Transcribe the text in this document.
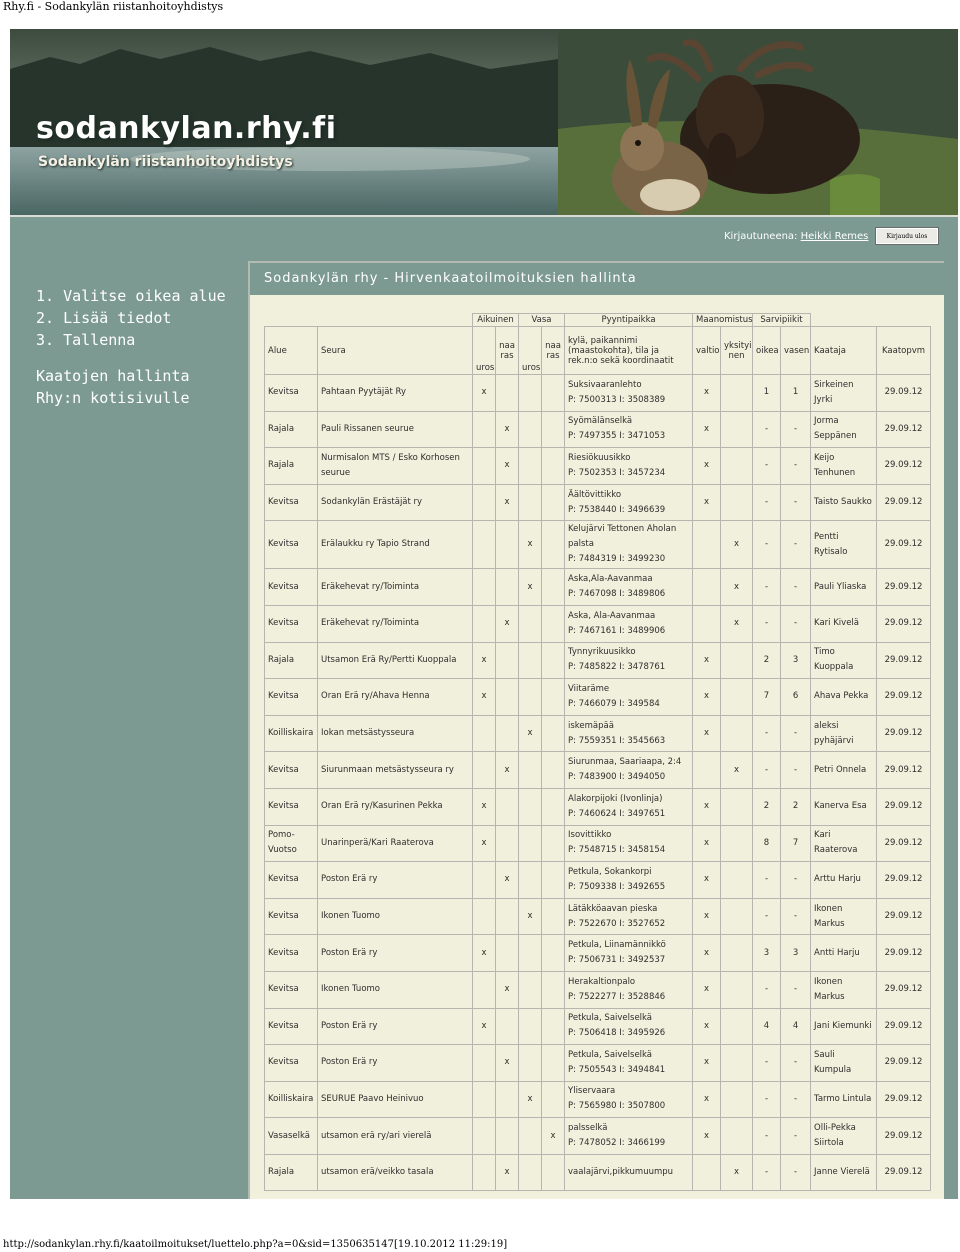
Rhy.fi - Sodankylän riistanhoitoyhdistys
sodankylan.rhy.fi
Sodankylän riistanhoitoyhdistys
Kirjautuneena: Heikki Remes	Kirjaudu ulos
1. Valitse oikea alue
2. Lisää tiedot
3. Tallenna
Kaatojen hallinta
Rhy:n kotisivulle
Sodankylän rhy - Hirvenkaatoilmoituksien hallinta
		Aikuinen		Vasa		Pyyntipaikka	Maanomistus		Sarvipiikit			
Alue	Seura	uros	naa
ras	uros	naa
ras	kylä, paikannimi
(maastokohta), tila ja
rek.n:o sekä koordinaatit	valtio	yksityi
nen	oikea	vasen	Kaataja	Kaatopvm
Kevitsa	Pahtaan Pyytäjät Ry	x				Suksivaaranlehto
P: 7500313 I: 3508389	x		1	1	Sirkeinen Jyrki	29.09.12
Rajala	Pauli Rissanen seurue		x			Syömälänselkä
P: 7497355 I: 3471053	x		-	-	Jorma Seppänen	29.09.12
Rajala	Nurmisalon MTS / Esko Korhosen seurue		x			Riesiökuusikko
P: 7502353 I: 3457234	x		-	-	Keijo Tenhunen	29.09.12
Kevitsa	Sodankylän Erästäjät ry		x			Äältövittikko
P: 7538440 I: 3496639	x		-	-	Taisto Saukko	29.09.12
Kevitsa	Erälaukku ry Tapio Strand			x		Kelujärvi Tettonen Aholan palsta
P: 7484319 I: 3499230		x	-	-	Pentti Rytisalo	29.09.12
Kevitsa	Eräkehevat ry/Toiminta			x		Aska,Ala-Aavanmaa
P: 7467098 I: 3489806		x	-	-	Pauli Yliaska	29.09.12
Kevitsa	Eräkehevat ry/Toiminta		x			Aska, Ala-Aavanmaa
P: 7467161 I: 3489906		x	-	-	Kari Kivelä	29.09.12
Rajala	Utsamon Erä Ry/Pertti Kuoppala	x				Tynnyrikuusikko
P: 7485822 I: 3478761	x		2	3	Timo Kuoppala	29.09.12
Kevitsa	Oran Erä ry/Ahava Henna	x				Viitaräme
P: 7466079 I: 349584	x		7	6	Ahava Pekka	29.09.12
Koilliskaira	Iokan metsästysseura			x		iskemäpää
P: 7559351 I: 3545663	x		-	-	aleksi pyhäjärvi	29.09.12
Kevitsa	Siurunmaan metsästysseura ry		x			Siurunmaa, Saariaapa, 2:4
P: 7483900 I: 3494050		x	-	-	Petri Onnela	29.09.12
Kevitsa	Oran Erä ry/Kasurinen Pekka	x				Alakorpijoki (Ivonlinja)
P: 7460624 I: 3497651	x		2	2	Kanerva Esa	29.09.12
Pomo-Vuotso	Unarinperä/Kari Raaterova	x				Isovittikko
P: 7548715 I: 3458154	x		8	7	Kari Raaterova	29.09.12
Kevitsa	Poston Erä ry		x			Petkula, Sokankorpi
P: 7509338 I: 3492655	x		-	-	Arttu Harju	29.09.12
Kevitsa	Ikonen Tuomo			x		Lätäkköaavan pieska
P: 7522670 I: 3527652	x		-	-	Ikonen Markus	29.09.12
Kevitsa	Poston Erä ry	x				Petkula, Liinamännikkö
P: 7506731 I: 3492537	x		3	3	Antti Harju	29.09.12
Kevitsa	Ikonen Tuomo		x			Herakaltionpalo
P: 7522277 I: 3528846	x		-	-	Ikonen Markus	29.09.12
Kevitsa	Poston Erä ry	x				Petkula, Saivelselkä
P: 7506418 I: 3495926	x		4	4	Jani Kiemunki	29.09.12
Kevitsa	Poston Erä ry		x			Petkula, Saivelselkä
P: 7505543 I: 3494841	x		-	-	Sauli Kumpula	29.09.12
Koilliskaira	SEURUE Paavo Heinivuo			x		Yliservaara
P: 7565980 I: 3507800	x		-	-	Tarmo Lintula	29.09.12
Vasaselkä	utsamon erä ry/ari vierelä				x	palsselkä
P: 7478052 I: 3466199	x		-	-	Olli-Pekka Siirtola	29.09.12
Rajala	utsamon erä/veikko tasala		x			vaalajärvi,pikkumuumpu		x	-	-	Janne Vierelä	29.09.12
http://sodankylan.rhy.fi/kaatoilmoitukset/luettelo.php?a=0&sid=1350635147[19.10.2012 11:29:19]
